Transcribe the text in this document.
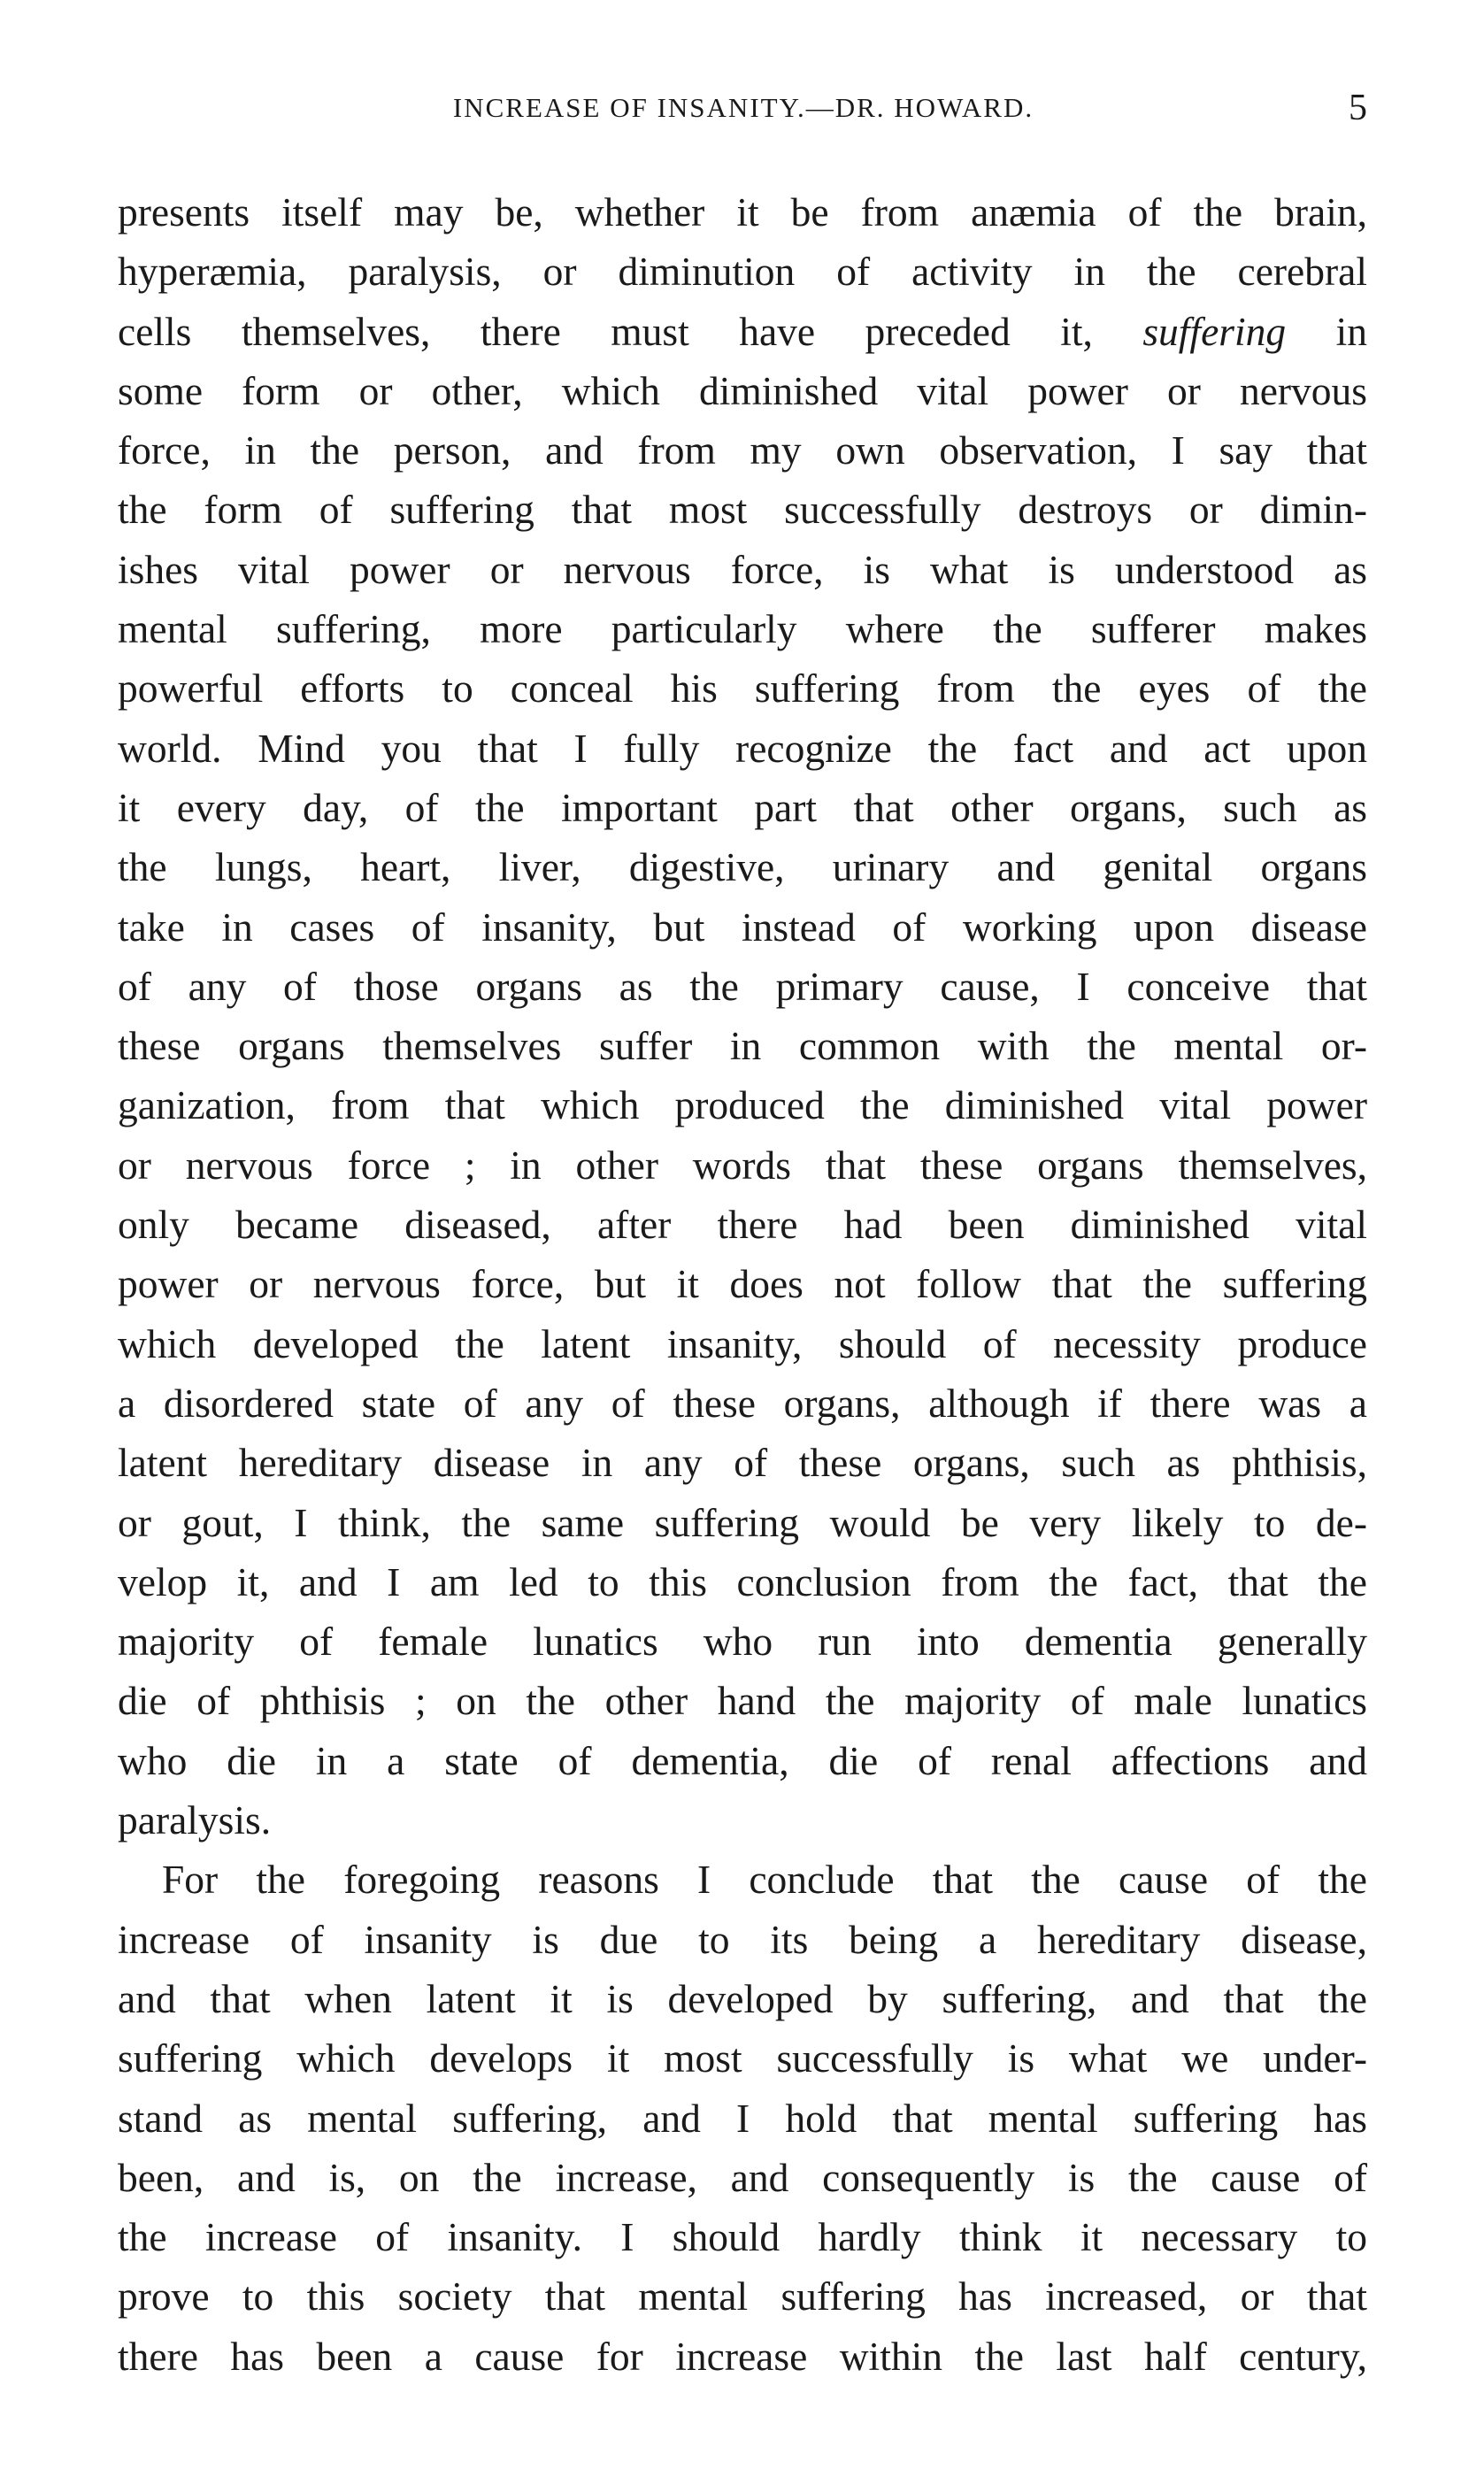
INCREASE OF INSANITY.—DR. HOWARD.	5
presents itself may be, whether it be from anæmia of the brain,
hyperæmia, paralysis, or diminution of activity in the cerebral
cells themselves, there must have preceded it, suffering in
some form or other, which diminished vital power or nervous
force, in the person, and from my own observation, I say that
the form of suffering that most successfully destroys or dimin-
ishes vital power or nervous force, is what is understood as
mental suffering, more particularly where the sufferer makes
powerful efforts to conceal his suffering from the eyes of the
world. Mind you that I fully recognize the fact and act upon
it every day, of the important part that other organs, such as
the lungs, heart, liver, digestive, urinary and genital organs
take in cases of insanity, but instead of working upon disease
of any of those organs as the primary cause, I conceive that
these organs themselves suffer in common with the mental or-
ganization, from that which produced the diminished vital power
or nervous force ; in other words that these organs themselves,
only became diseased, after there had been diminished vital
power or nervous force, but it does not follow that the suffering
which developed the latent insanity, should of necessity produce
a disordered state of any of these organs, although if there was a
latent hereditary disease in any of these organs, such as phthisis,
or gout, I think, the same suffering would be very likely to de-
velop it, and I am led to this conclusion from the fact, that the
majority of female lunatics who run into dementia generally
die of phthisis ; on the other hand the majority of male lunatics
who die in a state of dementia, die of renal affections and
paralysis.
For the foregoing reasons I conclude that the cause of the
increase of insanity is due to its being a hereditary disease,
and that when latent it is developed by suffering, and that the
suffering which develops it most successfully is what we under-
stand as mental suffering, and I hold that mental suffering has
been, and is, on the increase, and consequently is the cause of
the increase of insanity. I should hardly think it necessary to
prove to this society that mental suffering has increased, or that
there has been a cause for increase within the last half century,
